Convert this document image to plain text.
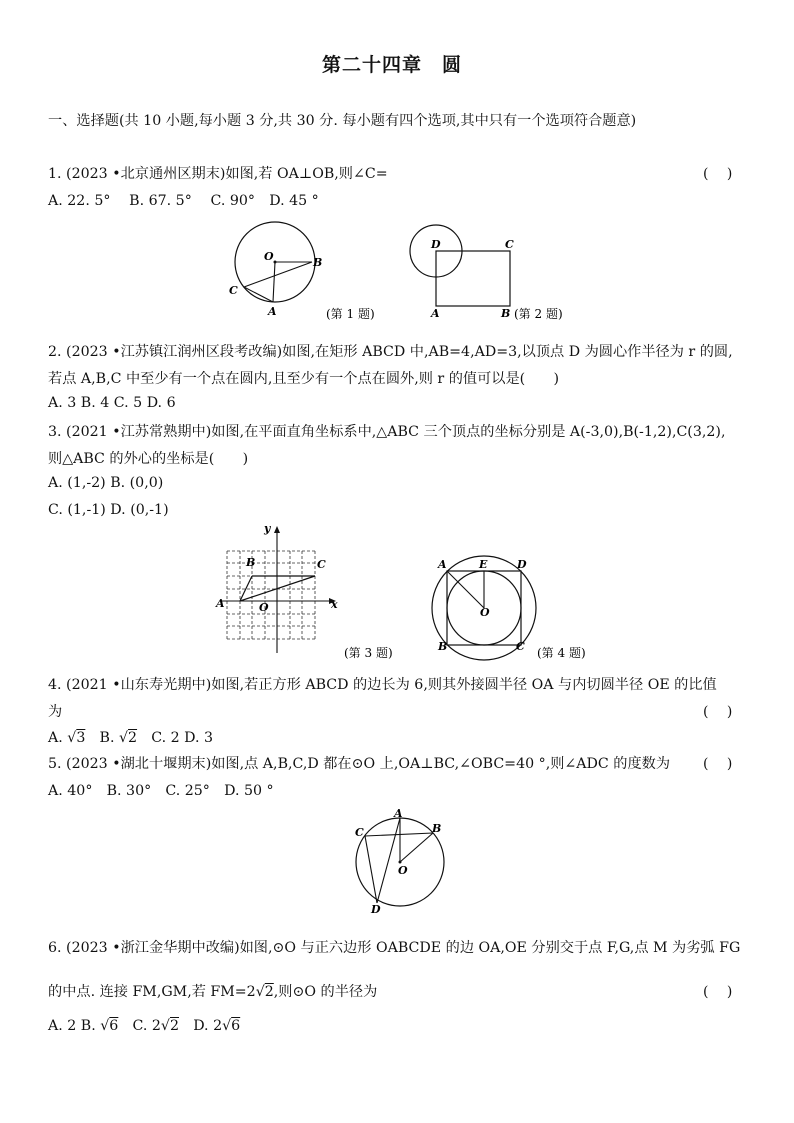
第二十四章　圆
一、选择题(共 10 小题,每小题 3 分,共 30 分. 每小题有四个选项,其中只有一个选项符合题意)
1. (2023 •北京通州区期末)如图,若 OA⊥OB,则∠C=	(　 )
A. 22. 5°　 B. 67. 5°　 C. 90°　D. 45 °
O	B
C
A	(第 1 题)
D	C
A	B (第 2 题)
2. (2023 •江苏镇江润州区段考改编)如图,在矩形 ABCD 中,AB=4,AD=3,以顶点 D 为圆心作半径为 r 的圆,
若点 A,B,C 中至少有一个点在圆内,且至少有一个点在圆外,则 r 的值可以是(　　)
A. 3 B. 4 C. 5 D. 6
3. (2021 •江苏常熟期中)如图,在平面直角坐标系中,△ABC 三个顶点的坐标分别是 A(-3,0),B(-1,2),C(3,2),
则△ABC 的外心的坐标是(　　)
A. (1,-2) B. (0,0)
C. (1,-1) D. (0,-1)
y
x
O
A
B	C
(第 3 题)
A	E	D
O
B	C (第 4 题)
4. (2021 •山东寿光期中)如图,若正方形 ABCD 的边长为 6,则其外接圆半径 OA 与内切圆半径 OE 的比值
为	(　 )
A. √3　B. √2　C. 2 D. 3
5. (2023 •湖北十堰期末)如图,点 A,B,C,D 都在⊙O 上,OA⊥BC,∠OBC=40 °,则∠ADC 的度数为 (　 )
A. 40°　B. 30°　C. 25°　D. 50 °
A
B
C
O
D
6. (2023 •浙江金华期中改编)如图,⊙O 与正六边形 OABCDE 的边 OA,OE 分别交于点 F,G,点 M 为劣弧 FG
的中点. 连接 FM,GM,若 FM=2√2,则⊙O 的半径为	(　 )
A. 2 B. √6　C. 2√2　D. 2√6
